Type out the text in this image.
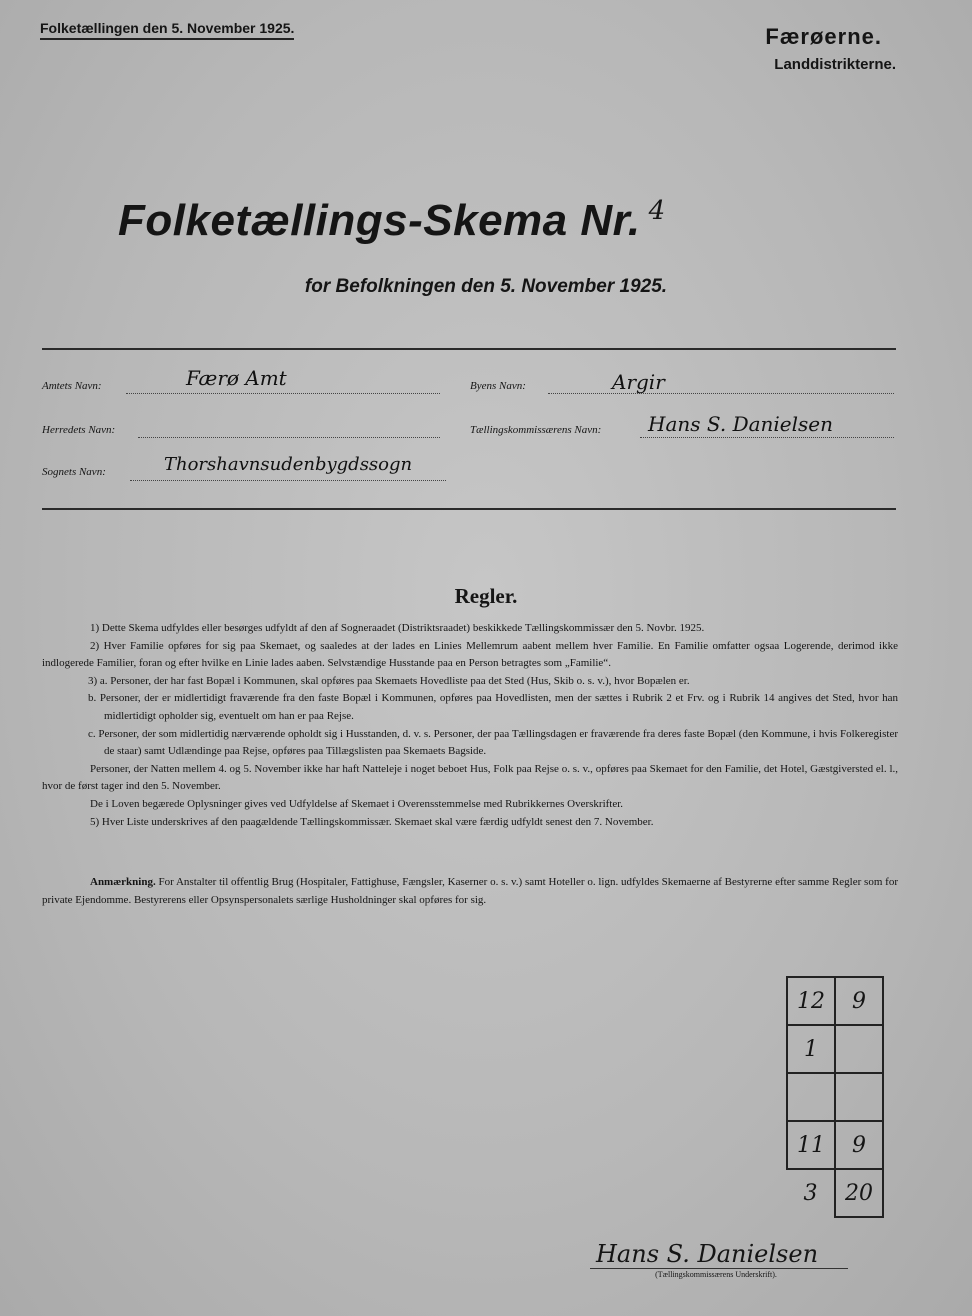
Folketællingen den 5. November 1925.	Færøerne.
Landdistrikterne.
Folketællings-Skema Nr. $^4$
for Befolkningen den 5. November 1925.
Amtets Navn:	Færø Amt	Byens Navn:	Argir
Herredets Navn:	Tællingskommissærens Navn: Hans S. Danielsen
Sognets Navn:	Thorshavnsudenbygdssogn
Regler.

1) Dette Skema udfyldes eller besørges udfyldt af den af Sogneraadet (Distriktsraadet) beskikkede Tællingskommissær den 5. Novbr. 1925.

2) Hver Familie opføres for sig paa Skemaet, og saaledes at der lades en Linies Mellemrum aabent mellem hver Familie. En Familie omfatter ogsaa Logerende, derimod ikke indlogerede Familier, foran og efter hvilke en Linie lades aaben. Selvstændige Husstande paa en Person betragtes som „Familie“.

3) a. Personer, der har fast Bopæl i Kommunen, skal opføres paa Skemaets Hovedliste paa det Sted (Hus, Skib o. s. v.), hvor Bopælen er.

b. Personer, der er midlertidigt fraværende fra den faste Bopæl i Kommunen, opføres paa Hovedlisten, men der sættes i Rubrik 2 et Frv. og i Rubrik 14 angives det Sted, hvor han midlertidigt opholder sig, eventuelt om han er paa Rejse.

c. Personer, der som midlertidig nærværende opholdt sig i Husstanden, d. v. s. Personer, der paa Tællingsdagen er fraværende fra deres faste Bopæl (den Kommune, i hvis Folkeregister de staar) samt Udlændinge paa Rejse, opføres paa Tillægslisten paa Skemaets Bagside.

Personer, der Natten mellem 4. og 5. November ikke har haft Natteleje i noget beboet Hus, Folk paa Rejse o. s. v., opføres paa Skemaet for den Familie, det Hotel, Gæstgiversted el. l., hvor de først tager ind den 5. November.

De i Loven begærede Oplysninger gives ved Udfyldelse af Skemaet i Overensstemmelse med Rubrikkernes Overskrifter.

5) Hver Liste underskrives af den paagældende Tællingskommissær. Skemaet skal være færdig udfyldt senest den 7. November.

Anmærkning. For Anstalter til offentlig Brug (Hospitaler, Fattighuse, Fængsler, Kaserner o. s. v.) samt Hoteller o. lign. udfyldes Skemaerne af Bestyrerne efter samme Regler som for private Ejendomme. Bestyrerens eller Opsynspersonalets særlige Husholdninger skal opføres for sig.
12	9
1	

11	9
3	20
Hans S. Danielsen
(Tællingskommissærens Underskrift).
